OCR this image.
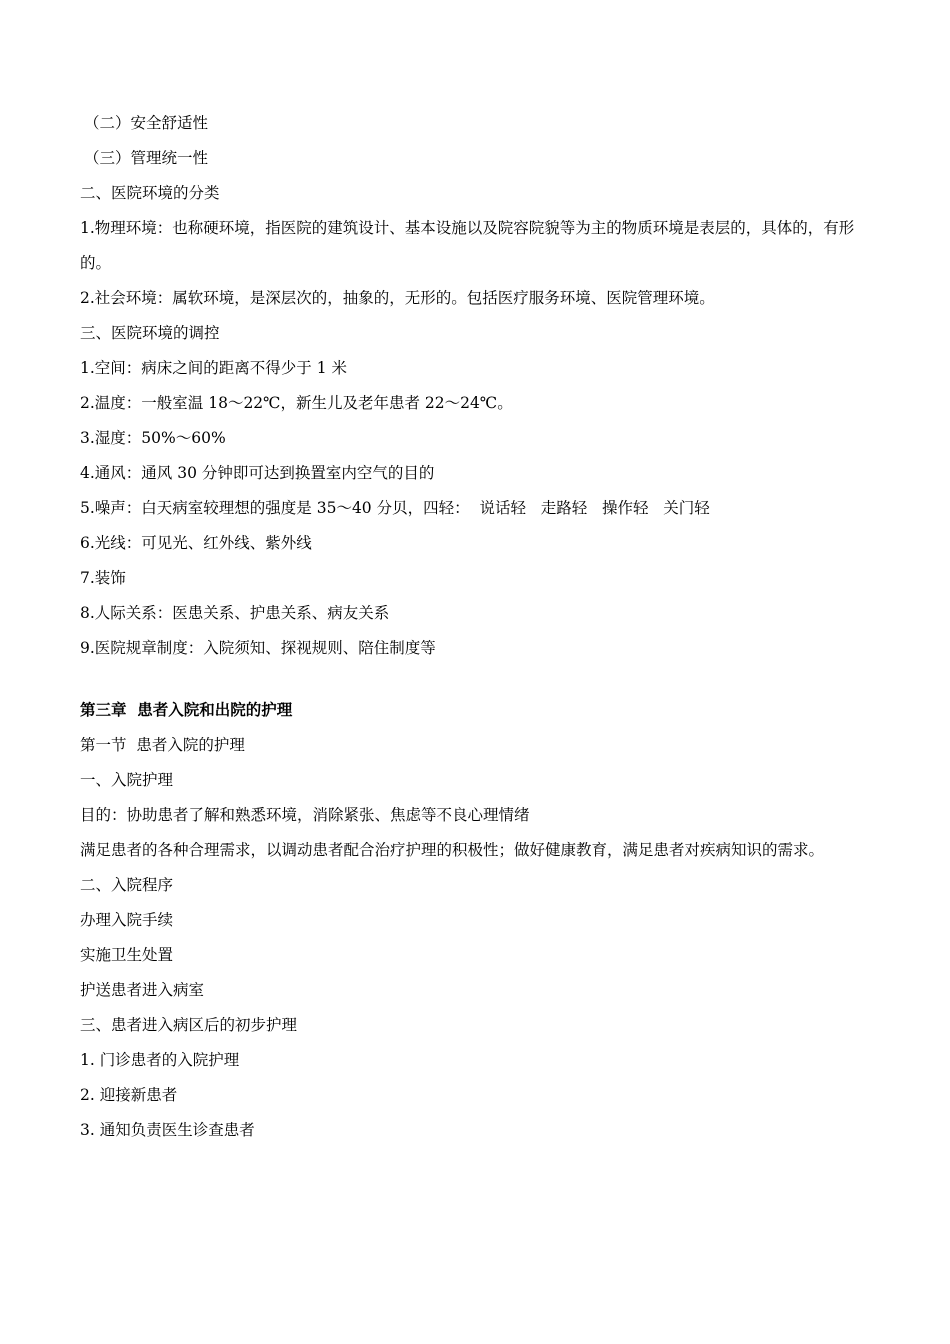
（二）安全舒适性
（三）管理统一性
二、医院环境的分类
1.物理环境：也称硬环境，指医院的建筑设计、基本设施以及院容院貌等为主的物质环境是表层的，具体的，有形的。
2.社会环境：属软环境，是深层次的，抽象的，无形的。包括医疗服务环境、医院管理环境。
三、医院环境的调控
1.空间：病床之间的距离不得少于 1 米
2.温度：一般室温 18～22℃，新生儿及老年患者 22～24℃。
3.湿度：50%～60%
4.通风：通风 30 分钟即可达到换置室内空气的目的
5.噪声：白天病室较理想的强度是 35～40 分贝，四轻：  说话轻   走路轻   操作轻   关门轻
6.光线：可见光、红外线、紫外线
7.装饰
8.人际关系：医患关系、护患关系、病友关系
9.医院规章制度：入院须知、探视规则、陪住制度等
第三章  患者入院和出院的护理
第一节  患者入院的护理
一、入院护理
目的：协助患者了解和熟悉环境，消除紧张、焦虑等不良心理情绪
满足患者的各种合理需求，以调动患者配合治疗护理的积极性；做好健康教育，满足患者对疾病知识的需求。
二、入院程序
办理入院手续
实施卫生处置
护送患者进入病室
三、患者进入病区后的初步护理
1. 门诊患者的入院护理
2. 迎接新患者
3. 通知负责医生诊查患者
